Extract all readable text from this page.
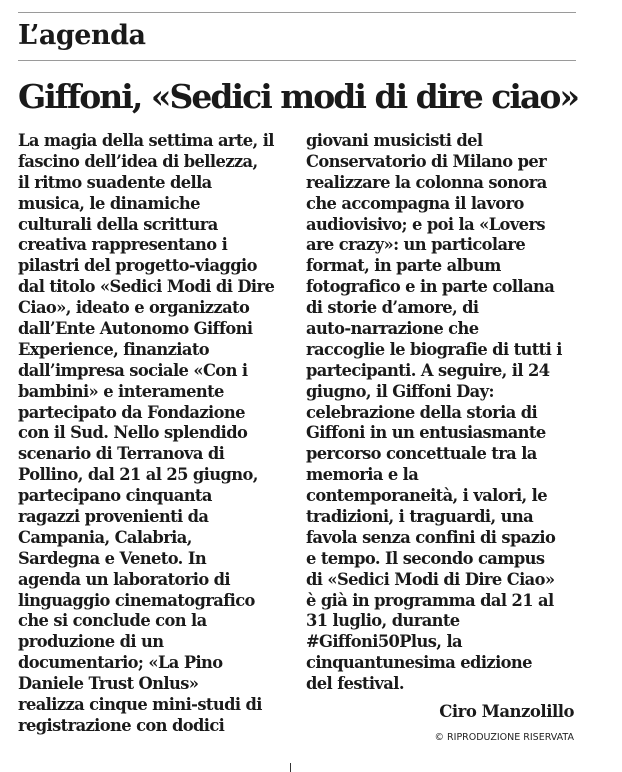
L’agenda
Giffoni, «Sedici modi di dire ciao»
La magia della settima arte, il
fascino dell’idea di bellezza,
il ritmo suadente della
musica, le dinamiche
culturali della scrittura
creativa rappresentano i
pilastri del progetto-viaggio
dal titolo «Sedici Modi di Dire
Ciao», ideato e organizzato
dall’Ente Autonomo Giffoni
Experience, finanziato
dall’impresa sociale «Con i
bambini» e interamente
partecipato da Fondazione
con il Sud. Nello splendido
scenario di Terranova di
Pollino, dal 21 al 25 giugno,
partecipano cinquanta
ragazzi provenienti da
Campania, Calabria,
Sardegna e Veneto. In
agenda un laboratorio di
linguaggio cinematografico
che si conclude con la
produzione di un
documentario; «La Pino
Daniele Trust Onlus»
realizza cinque mini-studi di
registrazione con dodici
giovani musicisti del
Conservatorio di Milano per
realizzare la colonna sonora
che accompagna il lavoro
audiovisivo; e poi la «Lovers
are crazy»: un particolare
format, in parte album
fotografico e in parte collana
di storie d’amore, di
auto-narrazione che
raccoglie le biografie di tutti i
partecipanti. A seguire, il 24
giugno, il Giffoni Day:
celebrazione della storia di
Giffoni in un entusiasmante
percorso concettuale tra la
memoria e la
contemporaneità, i valori, le
tradizioni, i traguardi, una
favola senza confini di spazio
e tempo. Il secondo campus
di «Sedici Modi di Dire Ciao»
è già in programma dal 21 al
31 luglio, durante
#Giffoni50Plus, la
cinquantunesima edizione
del festival.
Ciro Manzolillo
© RIPRODUZIONE RISERVATA
